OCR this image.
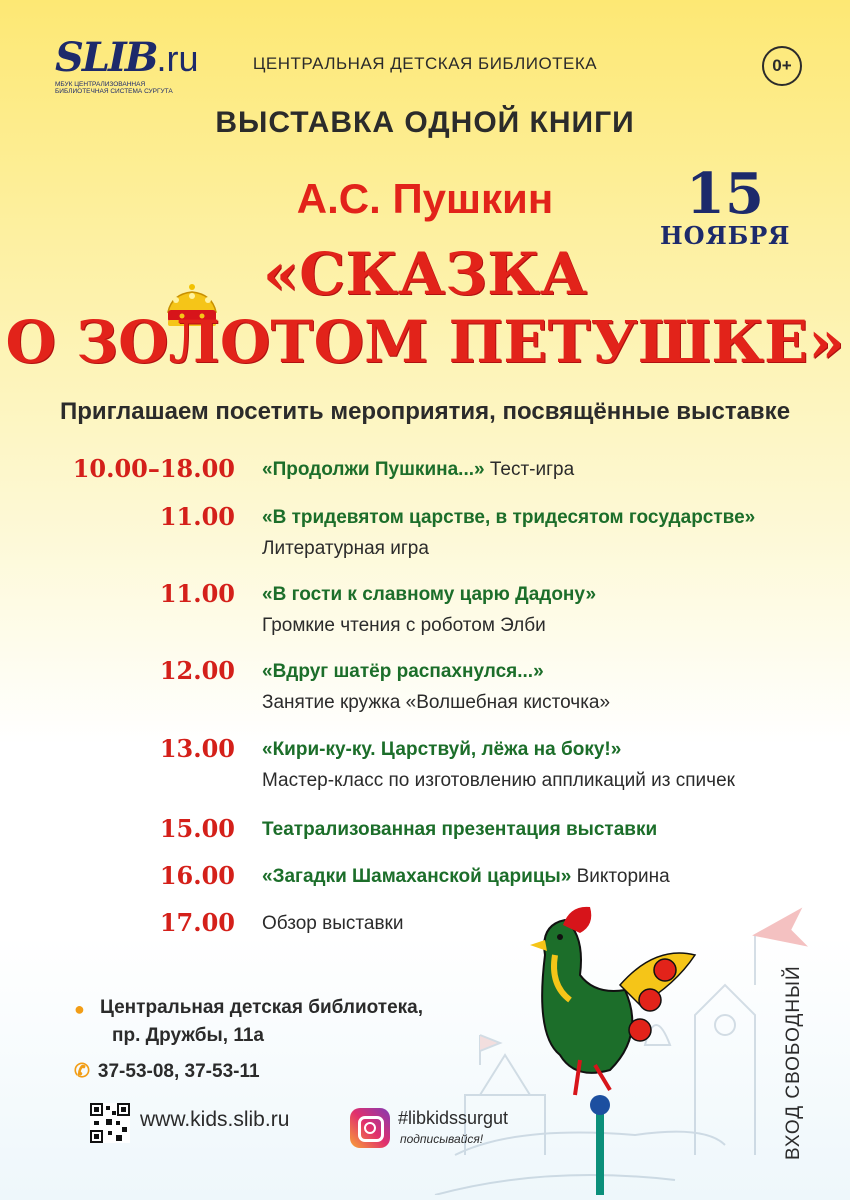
SLIB.ru
МБУК ЦЕНТРАЛИЗОВАННАЯ БИБЛИОТЕЧНАЯ СИСТЕМА СУРГУТА
ЦЕНТРАЛЬНАЯ ДЕТСКАЯ БИБЛИОТЕКА	0+
ВЫСТАВКА ОДНОЙ КНИГИ
А.С. Пушкин	15
НОЯБРЯ
«СКАЗКА
О ЗОЛОТОМ ПЕТУШКЕ»
Приглашаем посетить мероприятия, посвящённые выставке
10.00–18.00 «Продолжи Пушкина...» Тест-игра
11.00 «В тридевятом царстве, в тридесятом государстве»
Литературная игра
11.00 «В гости к славному царю Дадону»
Громкие чтения с роботом Элби
12.00 «Вдруг шатёр распахнулся...»
Занятие кружка «Волшебная кисточка»
13.00 «Кири-ку-ку. Царствуй, лёжа на боку!»
Мастер-класс по изготовлению аппликаций из спичек
15.00 Театрализованная презентация выставки
16.00 «Загадки Шамаханской царицы» Викторина
17.00 Обзор выставки
● Центральная детская библиотека,
пр. Дружбы, 11а
✆ 37-53-08, 37-53-11
www.kids.slib.ru	#libkidssurgut
подписывайся!	ВХОД СВОБОДНЫЙ
